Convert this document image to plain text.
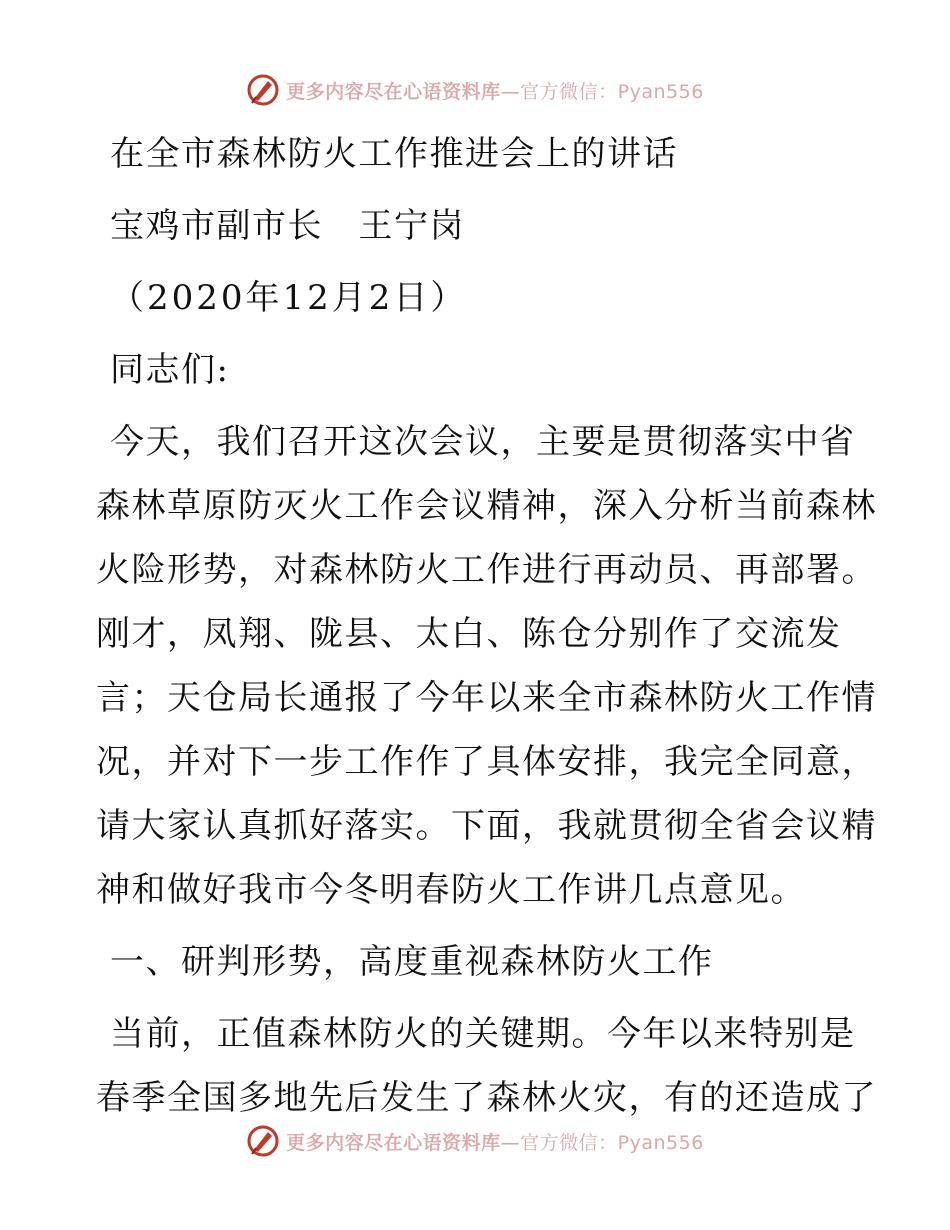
更多内容尽在心语资料库—官方微信：Pyan556
在全市森林防火工作推进会上的讲话
宝鸡市副市长　王宁岗
（2020年12月2日）
同志们:
今天，我们召开这次会议，主要是贯彻落实中省
森林草原防灭火工作会议精神，深入分析当前森林
火险形势，对森林防火工作进行再动员、再部署。
刚才，凤翔、陇县、太白、陈仓分别作了交流发
言；天仓局长通报了今年以来全市森林防火工作情
况，并对下一步工作作了具体安排，我完全同意，
请大家认真抓好落实。下面，我就贯彻全省会议精
神和做好我市今冬明春防火工作讲几点意见。
一、研判形势，高度重视森林防火工作
当前，正值森林防火的关键期。今年以来特别是
春季全国多地先后发生了森林火灾，有的还造成了
更多内容尽在心语资料库—官方微信：Pyan556
